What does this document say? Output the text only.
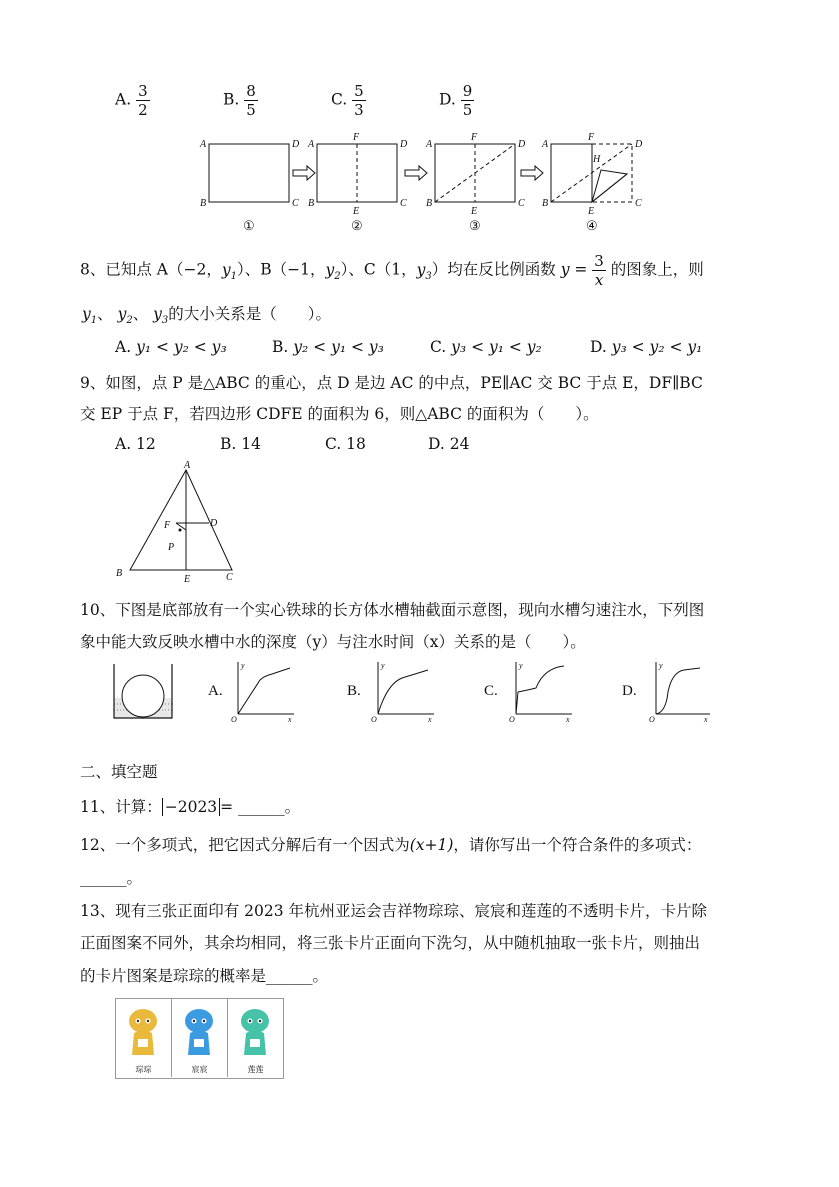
A. $\frac{3}{2}$	B. $\frac{8}{5}$	C. $\frac{5}{3}$	D. $\frac{9}{5}$
A	D
B	C
A	D
B	C
F
E
A	D
B	C
F
E
A	D
B	C
F
E
H
①	②	③	④
8、已知点 A（−2，$y_1$）、B（−1，$y_2$）、C（1，$y_3$）均在反比例函数 $y = \frac{3}{x}$ 的图象上，则
$y_1$、 $y_2$、 $y_3$的大小关系是（　　）。
A. y₁ < y₂ < y₃	B. y₂ < y₁ < y₃	C. y₃ < y₁ < y₂	D. y₃ < y₂ < y₁
9、如图，点 P 是△ABC 的重心，点 D 是边 AC 的中点，PE∥AC 交 BC 于点 E，DF∥BC
交 EP 于点 F，若四边形 CDFE 的面积为 6，则△ABC 的面积为（　　）。
A. 12	B. 14	C. 18	D. 24
A
B	C
D
E
F
P
10、下图是底部放有一个实心铁球的长方体水槽轴截面示意图，现向水槽匀速注水，下列图
象中能大致反映水槽中水的深度（y）与注水时间（x）关系的是（　　）。
A.	B.	C.	D.
y
x
O
y
x
O
y
x
O
y
x
O
二、填空题
11、计算： −2023 = ______。
12、一个多项式，把它因式分解后有一个因式为(x+1)，请你写出一个符合条件的多项式：
______。
13、现有三张正面印有 2023 年杭州亚运会吉祥物琮琮、宸宸和莲莲的不透明卡片，卡片除
正面图案不同外，其余均相同，将三张卡片正面向下洗匀，从中随机抽取一张卡片，则抽出
的卡片图案是琮琮的概率是______。
琮琮	宸宸	莲莲
